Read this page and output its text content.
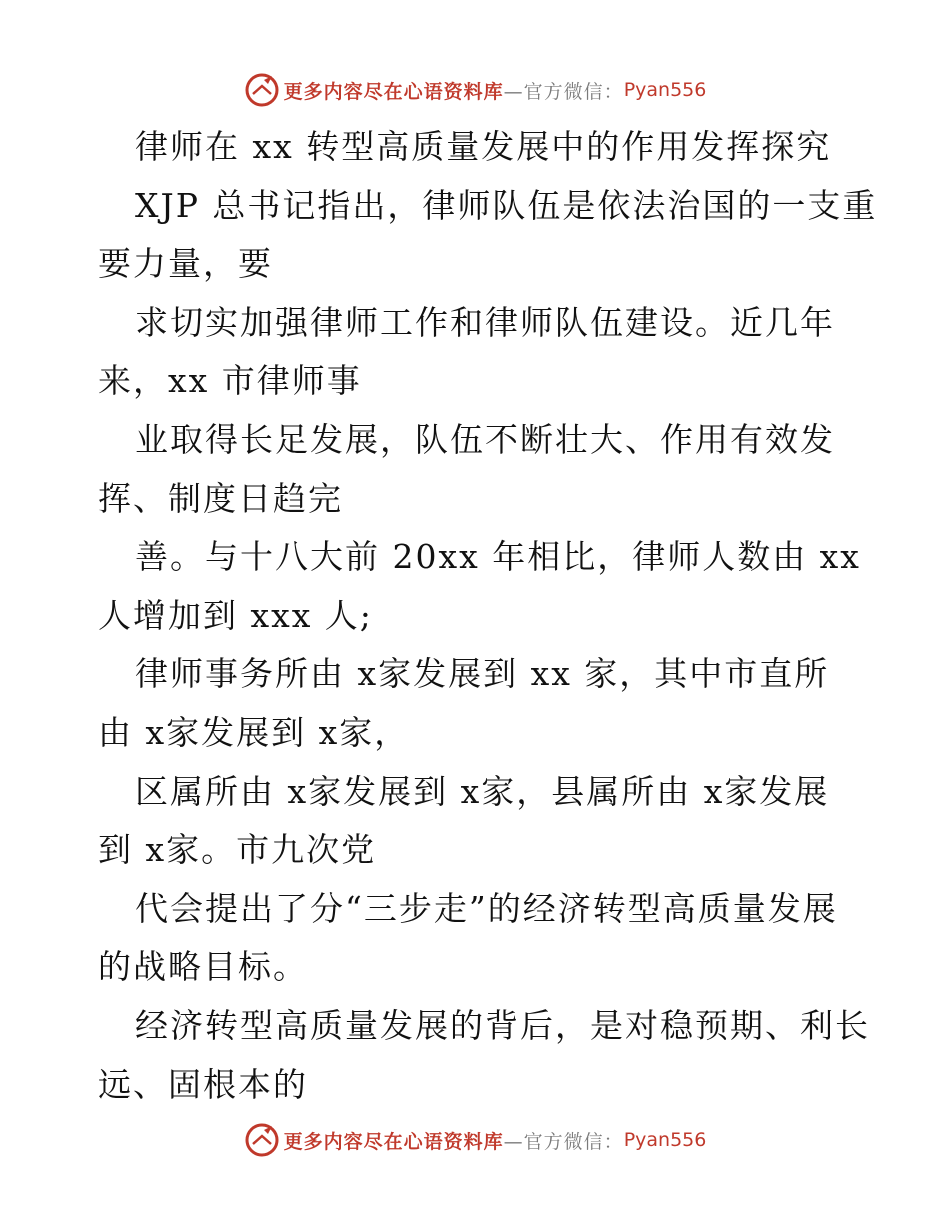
更多内容尽在心语资料库 —官方微信： Pyan556
律师在 xx 转型高质量发展中的作用发挥探究
XJP 总书记指出，律师队伍是依法治国的一支重
要力量，要
求切实加强律师工作和律师队伍建设。近几年
来，xx 市律师事
业取得长足发展，队伍不断壮大、作用有效发
挥、制度日趋完
善。与十八大前 20xx 年相比，律师人数由 xx
人增加到 xxx 人;
律师事务所由 x家发展到 xx 家，其中市直所
由 x家发展到 x家，
区属所由 x家发展到 x家，县属所由 x家发展
到 x家。市九次党
代会提出了分“三步走”的经济转型高质量发展
的战略目标。
经济转型高质量发展的背后，是对稳预期、利长
远、固根本的
更多内容尽在心语资料库 —官方微信： Pyan556
